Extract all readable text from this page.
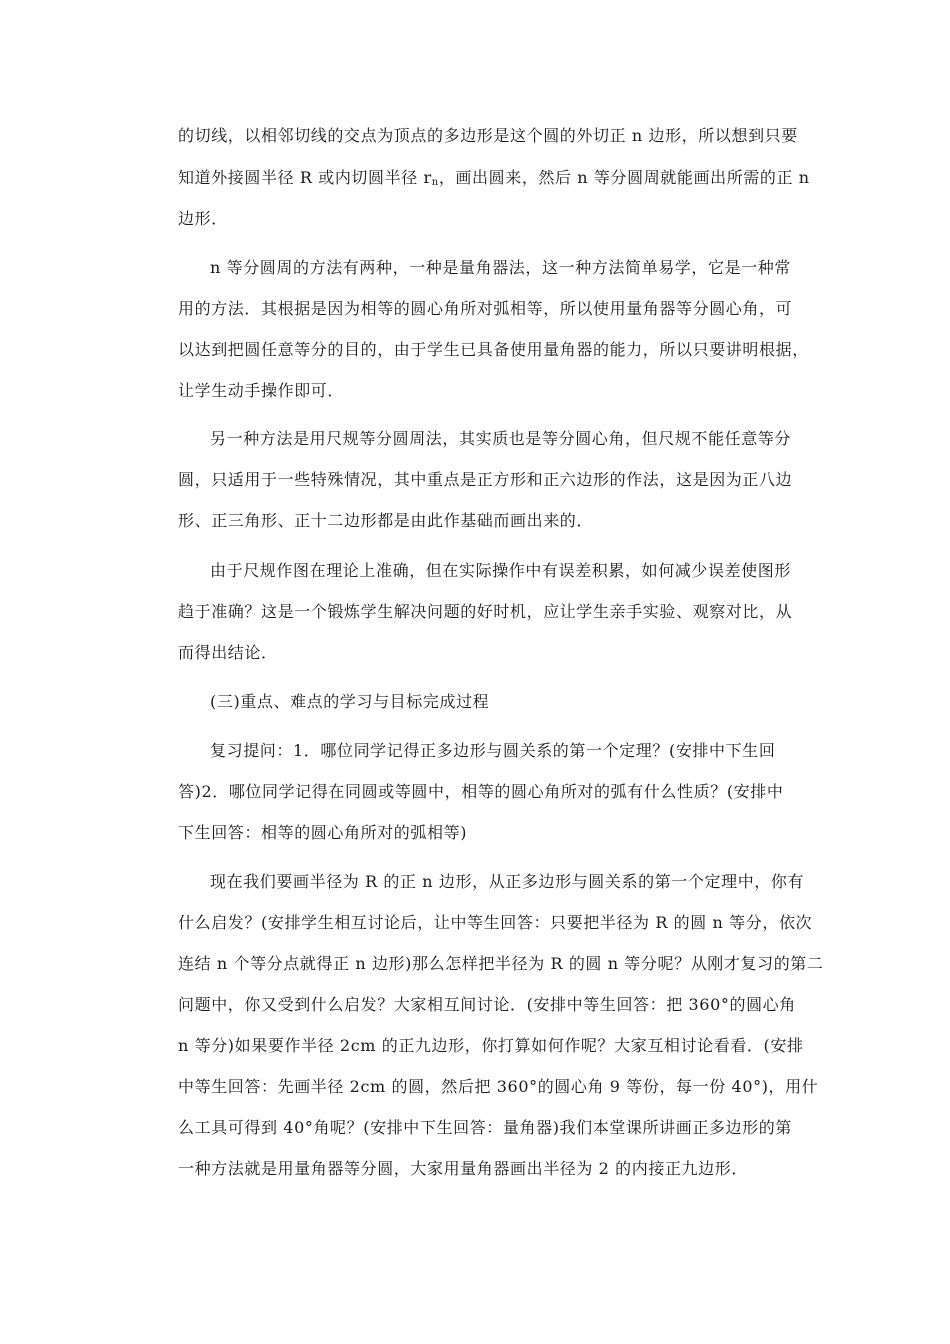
的切线，以相邻切线的交点为顶点的多边形是这个圆的外切正 n 边形，所以想到只要
知道外接圆半径 R 或内切圆半径 $r_n$，画出圆来，然后 n 等分圆周就能画出所需的正 n
边形．
n 等分圆周的方法有两种，一种是量角器法，这一种方法简单易学，它是一种常
用的方法．其根据是因为相等的圆心角所对弧相等，所以使用量角器等分圆心角，可
以达到把圆任意等分的目的，由于学生已具备使用量角器的能力，所以只要讲明根据，
让学生动手操作即可．
另一种方法是用尺规等分圆周法，其实质也是等分圆心角，但尺规不能任意等分
圆，只适用于一些特殊情况，其中重点是正方形和正六边形的作法，这是因为正八边
形、正三角形、正十二边形都是由此作基础而画出来的．
由于尺规作图在理论上准确，但在实际操作中有误差积累，如何减少误差使图形
趋于准确？这是一个锻炼学生解决问题的好时机，应让学生亲手实验、观察对比，从
而得出结论．
(三)重点、难点的学习与目标完成过程
复习提问：1．哪位同学记得正多边形与圆关系的第一个定理？(安排中下生回
答)2．哪位同学记得在同圆或等圆中，相等的圆心角所对的弧有什么性质？(安排中
下生回答：相等的圆心角所对的弧相等)
现在我们要画半径为 R 的正 n 边形，从正多边形与圆关系的第一个定理中，你有
什么启发？(安排学生相互讨论后，让中等生回答：只要把半径为 R 的圆 n 等分，依次
连结 n 个等分点就得正 n 边形)那么怎样把半径为 R 的圆 n 等分呢？从刚才复习的第二
问题中，你又受到什么启发？大家相互间讨论．(安排中等生回答：把 360°的圆心角
n 等分)如果要作半径 2cm 的正九边形，你打算如何作呢？大家互相讨论看看．(安排
中等生回答：先画半径 2cm 的圆，然后把 360°的圆心角 9 等份，每一份 40°)，用什
么工具可得到 40°角呢？(安排中下生回答：量角器)我们本堂课所讲画正多边形的第
一种方法就是用量角器等分圆，大家用量角器画出半径为 2 的内接正九边形．
